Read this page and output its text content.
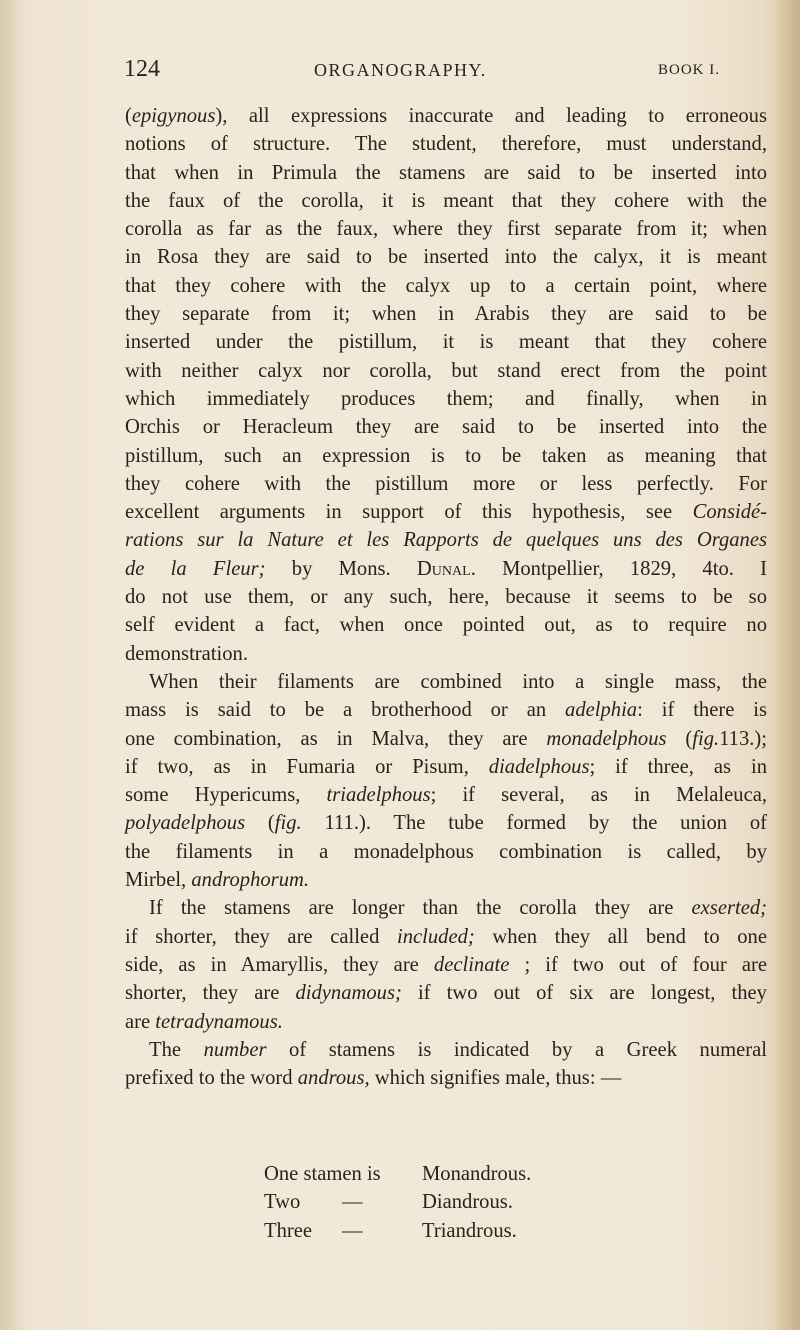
124	ORGANOGRAPHY.	BOOK I.
(epigynous), all expressions inaccurate and leading to erroneous
notions of structure. The student, therefore, must understand,
that when in Primula the stamens are said to be inserted into
the faux of the corolla, it is meant that they cohere with the
corolla as far as the faux, where they first separate from it; when
in Rosa they are said to be inserted into the calyx, it is meant
that they cohere with the calyx up to a certain point, where
they separate from it; when in Arabis they are said to be
inserted under the pistillum, it is meant that they cohere
with neither calyx nor corolla, but stand erect from the point
which immediately produces them; and finally, when in
Orchis or Heracleum they are said to be inserted into the
pistillum, such an expression is to be taken as meaning that
they cohere with the pistillum more or less perfectly. For
excellent arguments in support of this hypothesis, see Considé-
rations sur la Nature et les Rapports de quelques uns des Organes
de la Fleur; by Mons. Dunal. Montpellier, 1829, 4to. I
do not use them, or any such, here, because it seems to be so
self evident a fact, when once pointed out, as to require no
demonstration.
When their filaments are combined into a single mass, the
mass is said to be a brotherhood or an adelphia: if there is
one combination, as in Malva, they are monadelphous (fig.113.);
if two, as in Fumaria or Pisum, diadelphous; if three, as in
some Hypericums, triadelphous; if several, as in Melaleuca,
polyadelphous (fig. 111.). The tube formed by the union of
the filaments in a monadelphous combination is called, by
Mirbel, androphorum.
If the stamens are longer than the corolla they are exserted;
if shorter, they are called included; when they all bend to one
side, as in Amaryllis, they are declinate ; if two out of four are
shorter, they are didynamous; if two out of six are longest, they
are tetradynamous.
The number of stamens is indicated by a Greek numeral
prefixed to the word androus, which signifies male, thus: —
One stamen is	Monandrous.
Two	—	Diandrous.
Three	—	Triandrous.
